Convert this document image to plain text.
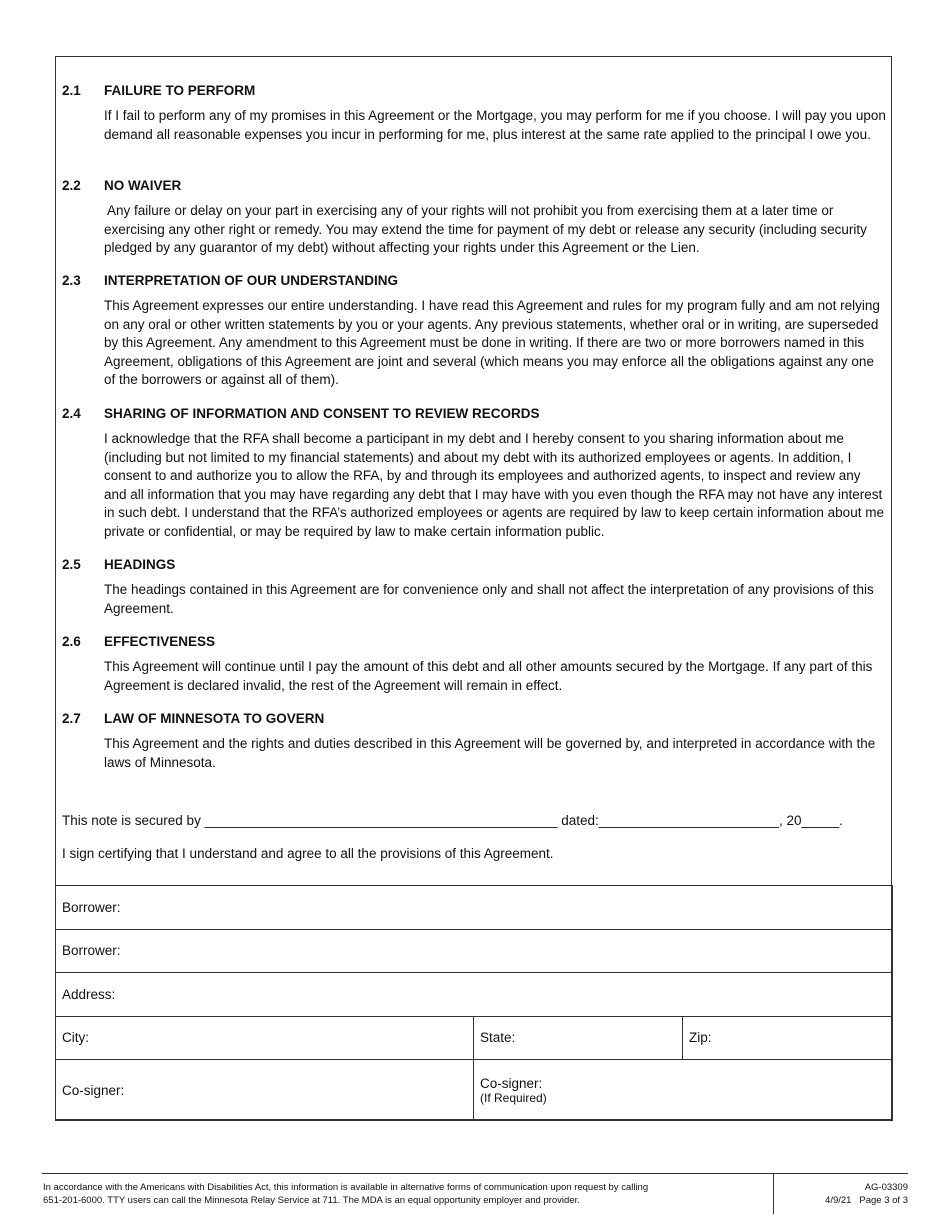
2.1 FAILURE TO PERFORM

If I fail to perform any of my promises in this Agreement or the Mortgage, you may perform for me if you choose. I will pay you upon demand all reasonable expenses you incur in performing for me, plus interest at the same rate applied to the principal I owe you.

2.2 NO WAIVER

Any failure or delay on your part in exercising any of your rights will not prohibit you from exercising them at a later time or exercising any other right or remedy. You may extend the time for payment of my debt or release any security (including security pledged by any guarantor of my debt) without affecting your rights under this Agreement or the Lien.

2.3 INTERPRETATION OF OUR UNDERSTANDING

This Agreement expresses our entire understanding. I have read this Agreement and rules for my program fully and am not relying on any oral or other written statements by you or your agents. Any previous statements, whether oral or in writing, are superseded by this Agreement. Any amendment to this Agreement must be done in writing. If there are two or more borrowers named in this Agreement, obligations of this Agreement are joint and several (which means you may enforce all the obligations against any one of the borrowers or against all of them).

2.4 SHARING OF INFORMATION AND CONSENT TO REVIEW RECORDS

I acknowledge that the RFA shall become a participant in my debt and I hereby consent to you sharing information about me (including but not limited to my financial statements) and about my debt with its authorized employees or agents. In addition, I consent to and authorize you to allow the RFA, by and through its employees and authorized agents, to inspect and review any and all information that you may have regarding any debt that I may have with you even though the RFA may not have any interest in such debt. I understand that the RFA’s authorized employees or agents are required by law to keep certain information about me private or confidential, or may be required by law to make certain information public.

2.5 HEADINGS

The headings contained in this Agreement are for convenience only and shall not affect the interpretation of any provisions of this Agreement.

2.6 EFFECTIVENESS

This Agreement will continue until I pay the amount of this debt and all other amounts secured by the Mortgage. If any part of this Agreement is declared invalid, the rest of the Agreement will remain in effect.

2.7 LAW OF MINNESOTA TO GOVERN

This Agreement and the rights and duties described in this Agreement will be governed by, and interpreted in accordance with the laws of Minnesota.

This note is secured by _______________________________________________ dated:________________________, 20_____.
I sign certifying that I understand and agree to all the provisions of this Agreement.
Borrower:		
Borrower:		
Address:		
City:	State:	Zip:
Co-signer:	Co-signer:
(If Required)	
In accordance with the Americans with Disabilities Act, this information is available in alternative forms of communication upon request by calling
651-201-6000. TTY users can call the Minnesota Relay Service at 711. The MDA is an equal opportunity employer and provider.
AG-03309
4/9/21 Page 3 of 3
